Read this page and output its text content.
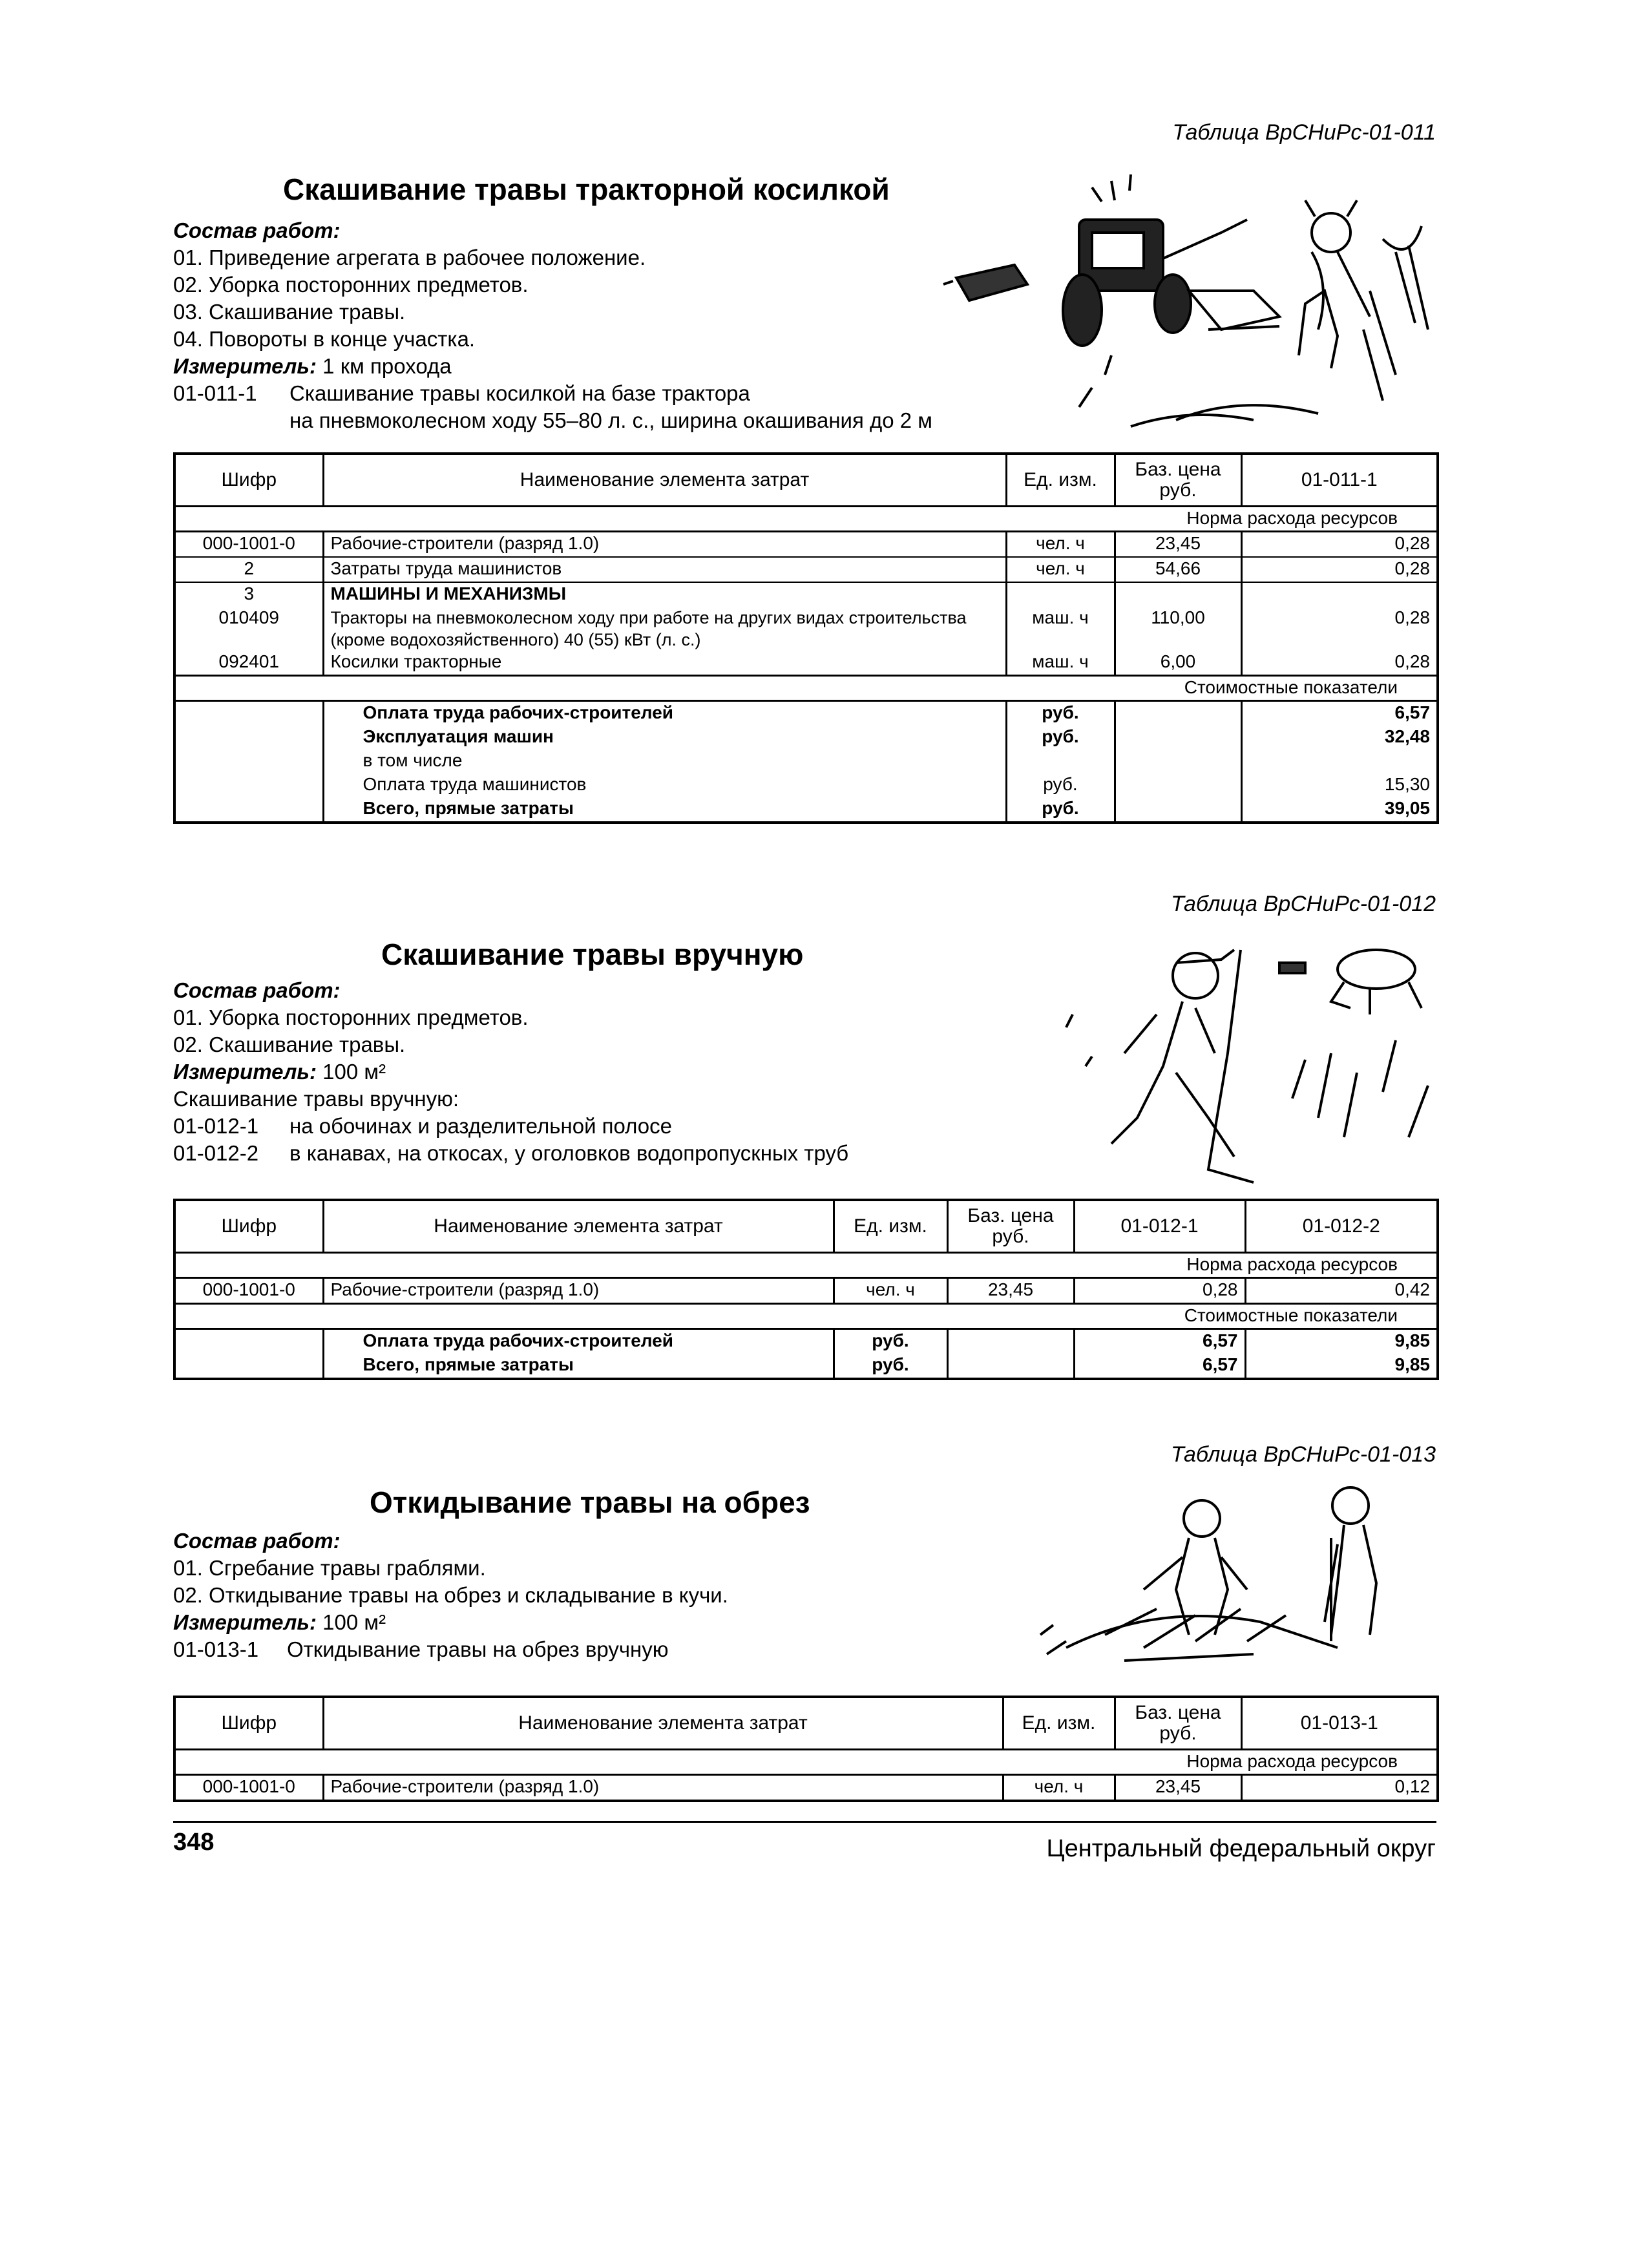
Таблица ВрСНиРс-01-011
Скашивание травы тракторной косилкой
Состав работ:
01. Приведение агрегата в рабочее положение.
02. Уборка посторонних предметов.
03. Скашивание травы.
04. Повороты в конце участка.
Измеритель: 1 км прохода
01-011-1 Скашивание травы косилкой на базе трактора
на пневмоколесном ходу 55–80 л. с., ширина окашивания до 2 м
Шифр	Наименование элемента затрат	Ед. изм.	Баз. цена руб.	01-011-1
			Норма расхода ресурсов	
000-1001-0	Рабочие-строители (разряд 1.0)	чел. ч	23,45	0,28
2	Затраты труда машинистов	чел. ч	54,66	0,28
3	МАШИНЫ И МЕХАНИЗМЫ			
010409	Тракторы на пневмоколесном ходу при работе на других видах строительства (кроме водохозяйственного) 40 (55) кВт (л. с.)	маш. ч	110,00	0,28
092401	Косилки тракторные	маш. ч	6,00	0,28
			Стоимостные показатели	
	Оплата труда рабочих-строителей	руб.		6,57
	Эксплуатация машин	руб.		32,48
	в том числе			
	Оплата труда машинистов	руб.		15,30
	Всего, прямые затраты	руб.		39,05
Таблица ВрСНиРс-01-012
Скашивание травы вручную
Состав работ:
01. Уборка посторонних предметов.
02. Скашивание травы.
Измеритель: 100 м²
Скашивание травы вручную:
01-012-1 на обочинах и разделительной полосе
01-012-2 в канавах, на откосах, у оголовков водопропускных труб
Шифр	Наименование элемента затрат	Ед. изм.	Баз. цена руб.	01-012-1	01-012-2
				Норма расхода ресурсов	
000-1001-0	Рабочие-строители (разряд 1.0)	чел. ч	23,45	0,28	0,42
				Стоимостные показатели	
	Оплата труда рабочих-строителей	руб.		6,57	9,85
	Всего, прямые затраты	руб.		6,57	9,85
Таблица ВрСНиРс-01-013
Откидывание травы на обрез
Состав работ:
01. Сгребание травы граблями.
02. Откидывание травы на обрез и складывание в кучи.
Измеритель: 100 м²
01-013-1 Откидывание травы на обрез вручную
Шифр	Наименование элемента затрат	Ед. изм.	Баз. цена руб.	01-013-1
			Норма расхода ресурсов	
000-1001-0	Рабочие-строители (разряд 1.0)	чел. ч	23,45	0,12
348	Центральный федеральный округ
